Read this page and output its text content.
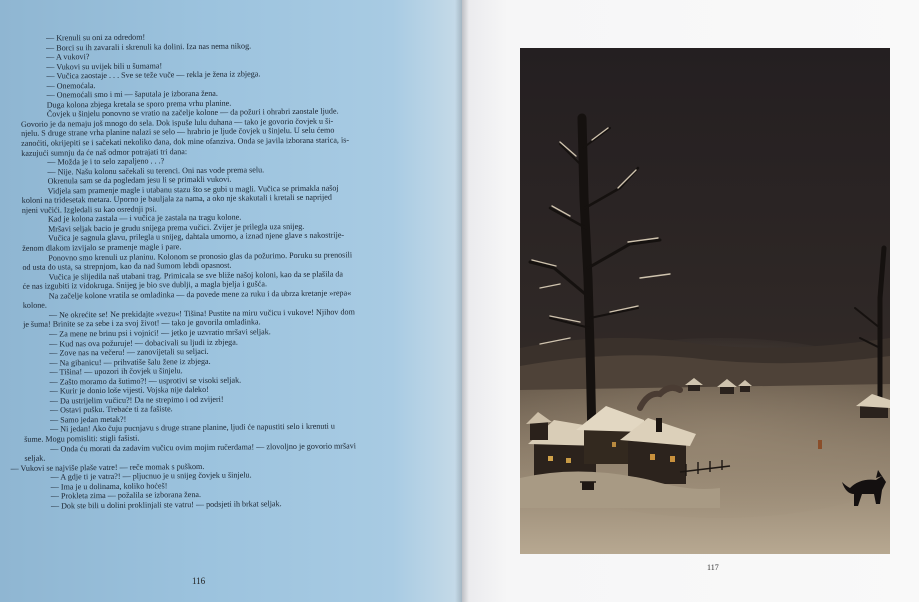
— Krenuli su oni za odredom!

— Borci su ih zavarali i skrenuli ka dolini. Iza nas nema nikog.

— A vukovi?

— Vukovi su uvijek bili u šumama!

— Vučica zaostaje . . . Sve se teže vuče — rekla je žena iz zbjega.

— Onemoćala.

— Onemoćali smo i mi — šaputala je izborana žena.

Duga kolona zbjega kretala se sporo prema vrhu planine.

Čovjek u šinjelu ponovno se vratio na začelje kolone — da požuri i ohrabri zaostale ljude.

Govorio je da nemaju još mnogo do sela. Dok ispuše lulu duhana — tako je govorio čovjek u ši-

njelu. S druge strane vrha planine nalazi se selo — hrabrio je ljude čovjek u šinjelu. U selu ćemo

zanoćiti, okrijepiti se i sačekati nekoliko dana, dok mine ofanziva. Onda se javila izborana starica, is-

kazujući sumnju da će naš odmor potrajati tri dana:

— Možda je i to selo zapaljeno . . .?

— Nije. Našu kolonu sačekali su terenci. Oni nas vode prema selu.

Okrenula sam se da pogledam jesu li se primakli vukovi.

Vidjela sam pramenje magle i utabanu stazu što se gubi u magli. Vučica se primakla našoj

koloni na tridesetak metara. Uporno je bauljala za nama, a oko nje skakutali i kretali se naprijed

njeni vučići. Izgledali su kao osrednji psi.

Kad je kolona zastala — i vučica je zastala na tragu kolone.

Mršavi seljak bacio je grudu snijega prema vučici. Zvijer je prilegla uza snijeg.

Vučica je sagnula glavu, prilegla u snijeg, dahtala umorno, a iznad njene glave s nakostrije-

ženom dlakom izvijalo se pramenje magle i pare.

Ponovno smo krenuli uz planinu. Kolonom se pronosio glas da požurimo. Poruku su prenosili

od usta do usta, sa strepnjom, kao da nad šumom lebdi opasnost.

Vučica je slijedila naš utabani trag. Primicala se sve bliže našoj koloni, kao da se plašila da

će nas izgubiti iz vidokruga. Snijeg je bio sve dublji, a magla bjelja i gušća.

Na začelje kolone vratila se omladinka — da povede mene za ruku i da ubrza kretanje »repa«

kolone.

— Ne okrećite se! Ne prekidajte »vezu«! Tišina! Pustite na miru vučicu i vukove! Njihov dom

je šuma! Brinite se za sebe i za svoj život! — tako je govorila omladinka.

— Za mene ne brinu psi i vojnici! — jetko je uzvratio mršavi seljak.

— Kud nas ova požuruje! — dobacivali su ljudi iz zbjega.

— Zove nas na večeru! — zanovijetali su seljaci.

— Na gibanicu! — prihvatiše šalu žene iz zbjega.

— Tišina! — upozori ih čovjek u šinjelu.

— Zašto moramo da šutimo?! — usprotivi se visoki seljak.

— Kurir je donio loše vijesti. Vojska nije daleko!

— Da ustrijelim vučicu?! Da ne strepimo i od zvijeri!

— Ostavi pušku. Trebaće ti za fašiste.

— Samo jedan metak?!

— Ni jedan! Ako čuju pucnjavu s druge strane planine, ljudi će napustiti selo i krenuti u

šume. Mogu pomisliti: stigli fašisti.

— Onda ću morati da zadavim vučicu ovim mojim ručerdama! — zlovoljno je govorio mršavi

seljak.

— Vukovi se najviše plaše vatre! — reče momak s puškom.

— A gdje ti je vatra?! — pljucnuo je u snijeg čovjek u šinjelu.

— Ima je u dolinama, koliko hoćeš!

— Prokleta zima — požalila se izborana žena.

— Dok ste bili u dolini proklinjali ste vatru! — podsjeti ih brkat seljak.

116
117
